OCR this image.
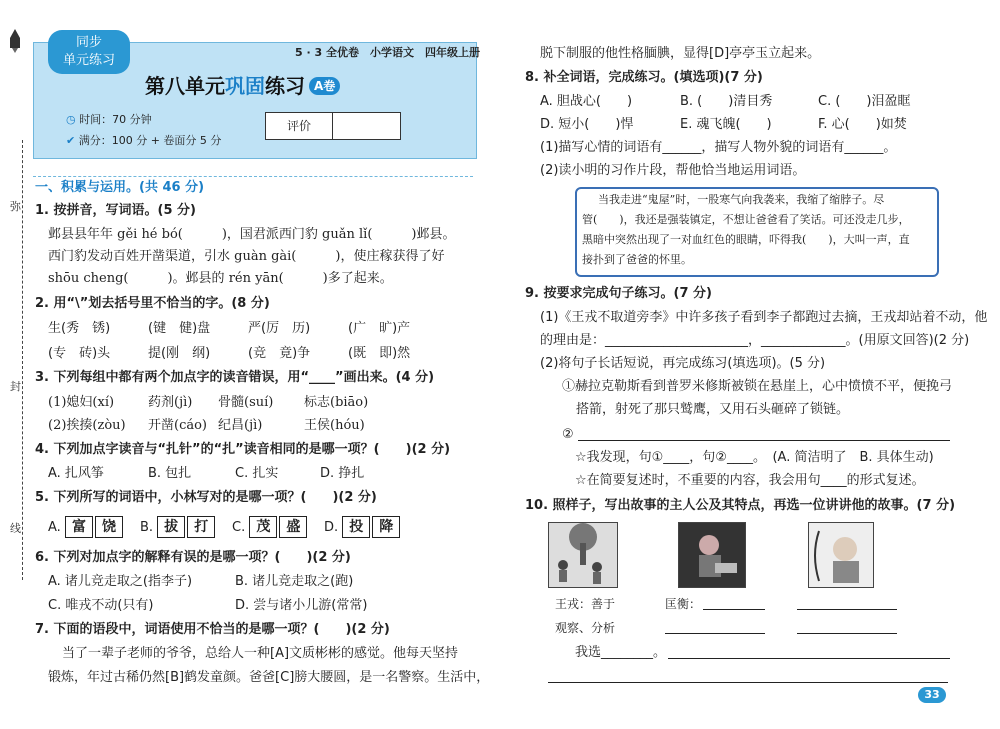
弥
封
线
同步
单元练习
5 · 3 全优卷　小学语文　四年级上册
第八单元巩固练习 A卷
◷ 时间：70 分钟
✔ 满分：100 分 + 卷面分 5 分
评价
一、积累与运用。(共 46 分)
1. 按拼音，写词语。(5 分)
邺县县年年 gěi hé bó(　　　)，国君派西门豹 guǎn lǐ(　　　)邺县。
西门豹发动百姓开凿渠道，引水 guàn gài(　　　)，使庄稼获得了好
shōu cheng(　　　)。邺县的 rén yān(　　　)多了起来。
2. 用“\”划去括号里不恰当的字。(8 分)
生(秀　锈)	(键　健)盘	严(厉　历)	(广　旷)产
(专　砖)头	提(刚　纲)	(竞　竟)争	(既　即)然
3. 下列每组中都有两个加点字的读音错误，用“____”画出来。(4 分)
(1)媳妇(xí)	药剂(jì) 骨髓(suí) 标志(biāo)
(2)挨揍(zòu) 开凿(cáo) 纪昌(jì)	王侯(hóu)
4. 下列加点字读音与“扎针”的“扎”读音相同的是哪一项？(　　)(2 分)
A. 扎风筝	B. 包扎	C. 扎实	D. 挣扎
5. 下列所写的词语中，小林写对的是哪一项？(　　)(2 分)
A. 富 饶	B. 拔 打	C. 茂 盛	D. 投 降
6. 下列对加点字的解释有误的是哪一项？(　　)(2 分)
A. 诸儿竞走取之(指李子)	B. 诸儿竞走取之(跑)
C. 唯戎不动(只有)	D. 尝与诸小儿游(常常)
7. 下面的语段中，词语使用不恰当的是哪一项？(　　)(2 分)
当了一辈子老师的爷爷，总给人一种[A]文质彬彬的感觉。他每天坚持
锻炼，年过古稀仍然[B]鹤发童颜。爸爸[C]膀大腰圆，是一名警察。生活中，
脱下制服的他性格腼腆，显得[D]亭亭玉立起来。
8. 补全词语，完成练习。(填选项)(7 分)
A. 胆战心(　　)	B. (　　)清目秀	C. (　　)泪盈眶
D. 短小(　　)悍	E. 魂飞魄(　　)	F. 心(　　)如焚
(1)描写心情的词语有______，描写人物外貌的词语有______。
(2)读小明的习作片段，帮他恰当地运用词语。
当我走进“鬼屋”时，一股寒气向我袭来，我缩了缩脖子。尽
管(　　)，我还是强装镇定，不想让爸爸看了笑话。可还没走几步，
黑暗中突然出现了一对血红色的眼睛，吓得我(　　)，大叫一声，直
接扑到了爸爸的怀里。
9. 按要求完成句子练习。(7 分)
(1)《王戎不取道旁李》中许多孩子看到李子都跑过去摘，王戎却站着不动，他
的理由是：______________________，_____________。(用原文回答)(2 分)
(2)将句子长话短说，再完成练习(填选项)。(5 分)
①赫拉克勒斯看到普罗米修斯被锁在悬崖上，心中愤愤不平，便挽弓
搭箭，射死了那只鹫鹰，又用石头砸碎了锁链。
②
☆我发现，句①____，句②____。　(A. 简洁明了　B. 具体生动)
☆在简要复述时，不重要的内容，我会用句____的形式复述。
10. 照样子，写出故事的主人公及其特点，再选一位讲讲他的故事。(7 分)
王戎：善于
观察、分析
匡衡：
我选________。
33
